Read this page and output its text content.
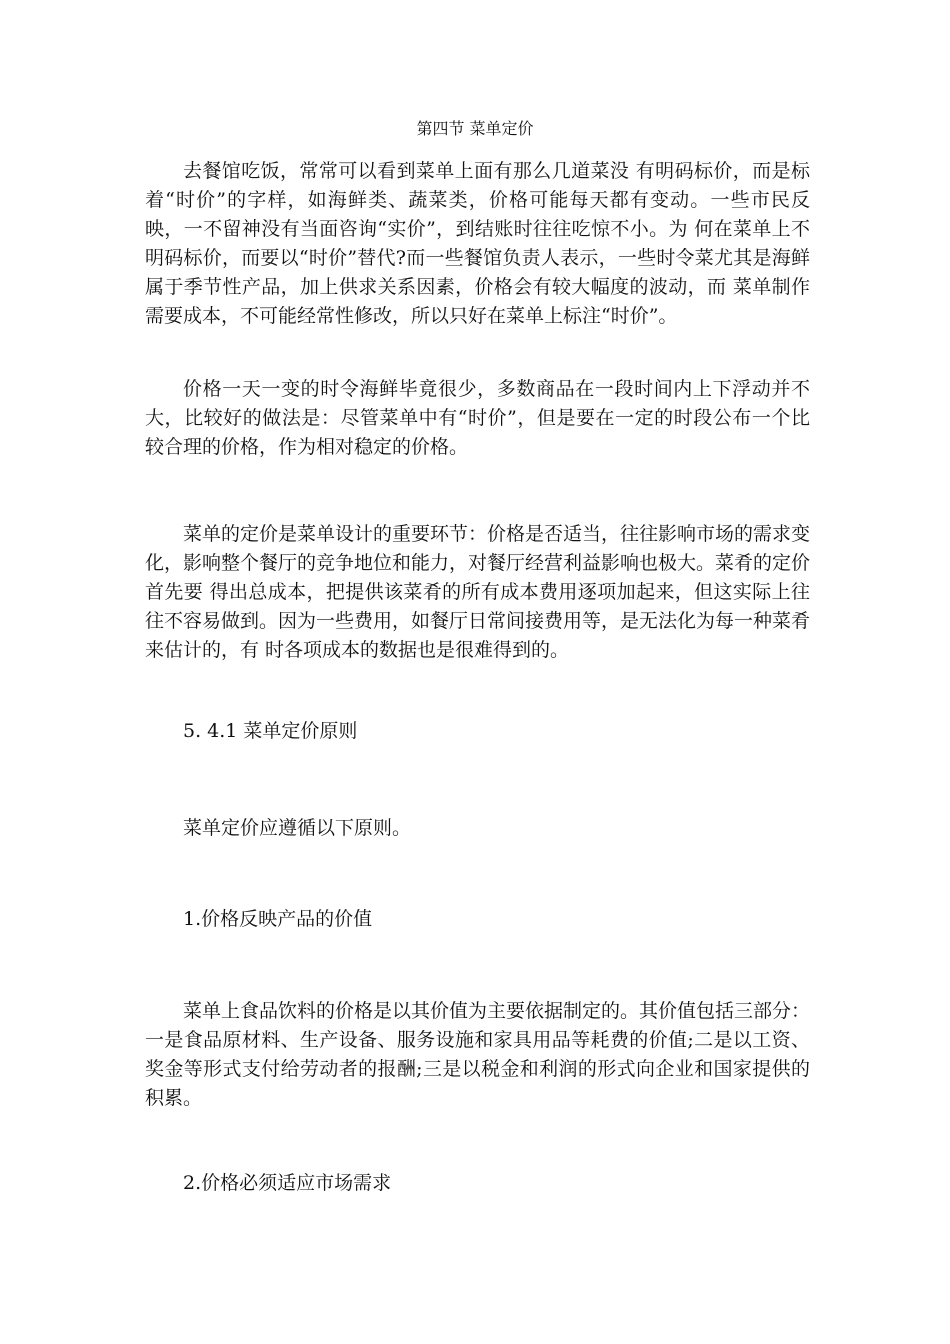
第四节 菜单定价

去餐馆吃饭，常常可以看到菜单上面有那么几道菜没 有明码标价，而是标着“时价”的字样，如海鲜类、蔬菜类，价格可能每天都有变动。一些市民反映，一不留神没有当面咨询“实价”，到结账时往往吃惊不小。为 何在菜单上不明码标价，而要以“时价”替代?而一些餐馆负责人表示，一些时令菜尤其是海鲜属于季节性产品，加上供求关系因素，价格会有较大幅度的波动，而 菜单制作需要成本，不可能经常性修改，所以只好在菜单上标注“时价”。

价格一天一变的时令海鲜毕竟很少，多数商品在一段时间内上下浮动并不大，比较好的做法是：尽管菜单中有“时价”，但是要在一定的时段公布一个比较合理的价格，作为相对稳定的价格。

菜单的定价是菜单设计的重要环节：价格是否适当，往往影响市场的需求变化，影响整个餐厅的竞争地位和能力，对餐厅经营利益影响也极大。菜肴的定价首先要 得出总成本，把提供该菜肴的所有成本费用逐项加起来，但这实际上往往不容易做到。因为一些费用，如餐厅日常间接费用等，是无法化为每一种菜肴来估计的，有 时各项成本的数据也是很难得到的。

5. 4.1 菜单定价原则

菜单定价应遵循以下原则。

1.价格反映产品的价值

菜单上食品饮料的价格是以其价值为主要依据制定的。其价值包括三部分：一是食品原材料、生产设备、服务设施和家具用品等耗费的价值;二是以工资、奖金等形式支付给劳动者的报酬;三是以税金和利润的形式向企业和国家提供的积累。

2.价格必须适应市场需求
